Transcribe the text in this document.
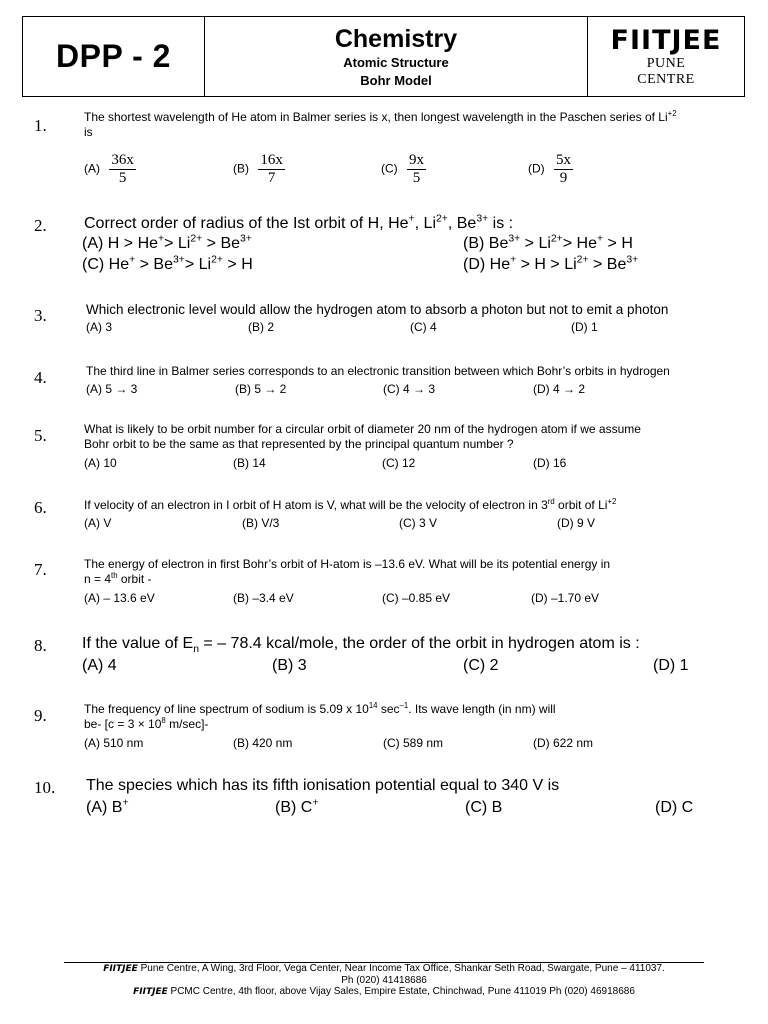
DPP - 2	Chemistry
Atomic Structure
Bohr Model
FIITJEE
PUNE
CENTRE
1.	The shortest wavelength of He atom in Balmer series is x, then longest wavelength in the Paschen series of $Li^{+2}$
is
$(A) \frac{36x}{5}$	$(B) \frac{16x}{7}$	$(C) \frac{9x}{5}$	$(D) \frac{5x}{9}$
2. Correct order of radius of the Ist orbit of H, He+, $Li^{2+}$, $Be^{3+}$ is :
(A) $H > He^+> Li^{2+} > Be^{3+}$	(B) $Be^{3+} > Li^{2+}> He^+ > H$
(C) $He^+ > Be^{3+}> Li^{2+} > H$	(D) $He^+ > H > Li^{2+} > Be^{3+}$
3.	Which electronic level would allow the hydrogen atom to absorb a photon but not to emit a photon
(A) 3	(B) 2	(C) 4	(D) 1
4.	The third line in Balmer series corresponds to an electronic transition between which Bohr’s orbits in hydrogen
(A) 5 → 3	(B) 5 → 2	(C) 4 → 3	(D) 4 → 2
5.	What is likely to be orbit number for a circular orbit of diameter 20 nm of the hydrogen atom if we assume
Bohr orbit to be the same as that represented by the principal quantum number ?
(A) 10	(B) 14	(C) 12	(D) 16
6.	If velocity of an electron in I orbit of H atom is V, what will be the velocity of electron in 3rd orbit of $Li^{+2}$
(A) V	(B) V/3	(C) 3 V	(D) 9 V
7.	The energy of electron in first Bohr’s orbit of H-atom is –13.6 eV. What will be its potential energy in
n = 4th orbit -
(A) – 13.6 eV	(B) –3.4 eV	(C) –0.85 eV	(D) –1.70 eV
8. If the value of $E_n$ = – 78.4 kcal/mole, the order of the orbit in hydrogen atom is :
(A) 4	(B) 3	(C) 2	(D) 1
9.	The frequency of line spectrum of sodium is 5.09 x $10^{14}$ $\sec^{-1}$. Its wave length (in nm) will
be- [$c = 3 \times 10^8$ m/sec]-
(A) 510 nm	(B) 420 nm	(C) 589 nm	(D) 622 nm
10. The species which has its fifth ionisation potential equal to 340 V is
(A) B+	(B) C+	(C) B	(D) C
FIITJEE Pune Centre, A Wing, 3rd Floor, Vega Center, Near Income Tax Office, Shankar Seth Road, Swargate, Pune – 411037.
Ph (020) 41418686
FIITJEE PCMC Centre, 4th floor, above Vijay Sales, Empire Estate, Chinchwad, Pune 411019 Ph (020) 46918686
